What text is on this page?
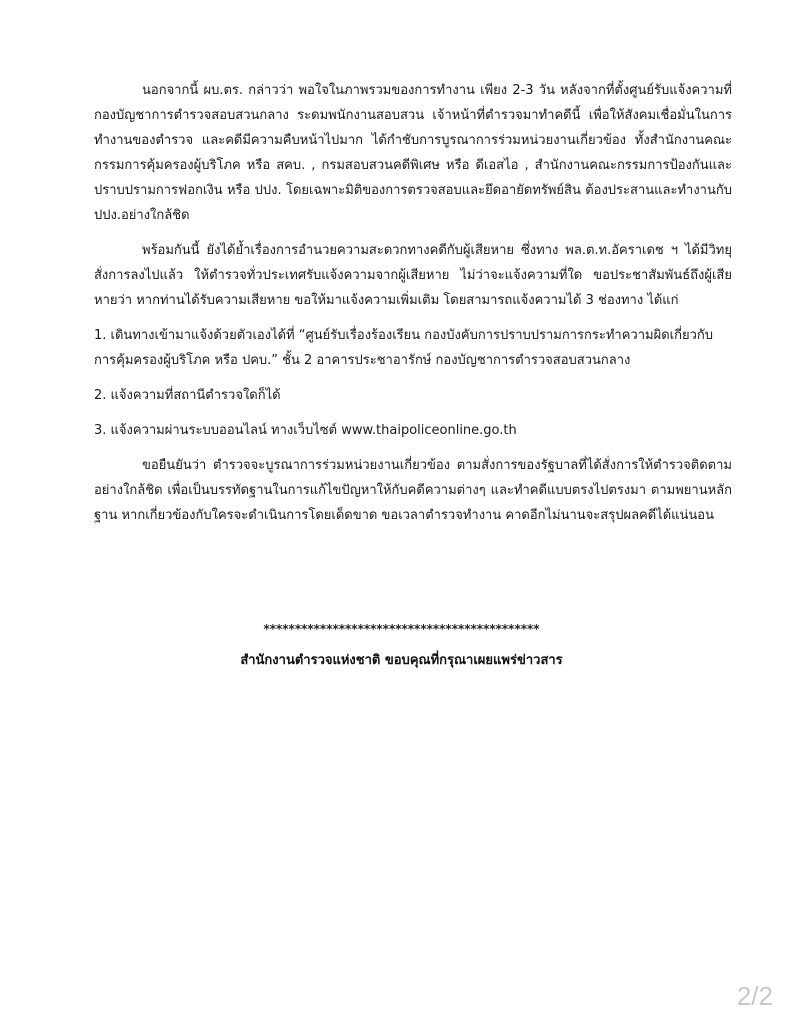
นอกจากนี้ ผบ.ตร. กล่าวว่า พอใจในภาพรวมของการทำงาน เพียง 2-3 วัน หลังจากที่ตั้งศูนย์รับแจ้งความที่กองบัญชาการตำรวจสอบสวนกลาง ระดมพนักงานสอบสวน เจ้าหน้าที่ตำรวจมาทำคดีนี้ เพื่อให้สังคมเชื่อมั่นในการทำงานของตำรวจ และคดีมีความคืบหน้าไปมาก ได้กำชับการบูรณาการร่วมหน่วยงานเกี่ยวข้อง ทั้งสำนักงานคณะกรรมการคุ้มครองผู้บริโภค หรือ สคบ. , กรมสอบสวนคดีพิเศษ หรือ ดีเอสไอ , สำนักงานคณะกรรมการป้องกันและปราบปรามการฟอกเงิน หรือ ปปง. โดยเฉพาะมิติของการตรวจสอบและยึดอายัดทรัพย์สิน ต้องประสานและทำงานกับ ปปง.อย่างใกล้ชิด

พร้อมกันนี้ ยังได้ย้ำเรื่องการอำนวยความสะดวกทางคดีกับผู้เสียหาย ซึ่งทาง พล.ต.ท.อัคราเดช ฯ ได้มีวิทยุสั่งการลงไปแล้ว ให้ตำรวจทั่วประเทศรับแจ้งความจากผู้เสียหาย ไม่ว่าจะแจ้งความที่ใด ขอประชาสัมพันธ์ถึงผู้เสียหายว่า หากท่านได้รับความเสียหาย ขอให้มาแจ้งความเพิ่มเติม โดยสามารถแจ้งความได้ 3 ช่องทาง ได้แก่

1. เดินทางเข้ามาแจ้งด้วยตัวเองได้ที่ “ศูนย์รับเรื่องร้องเรียน กองบังคับการปราบปรามการกระทำความผิดเกี่ยวกับการคุ้มครองผู้บริโภค หรือ ปคบ.” ชั้น 2 อาคารประชาอารักษ์ กองบัญชาการตำรวจสอบสวนกลาง

2. แจ้งความที่สถานีตำรวจใดก็ได้

3. แจ้งความผ่านระบบออนไลน์ ทางเว็บไซต์ www.thaipoliceonline.go.th

ขอยืนยันว่า ตำรวจจะบูรณาการร่วมหน่วยงานเกี่ยวข้อง ตามสั่งการของรัฐบาลที่ได้สั่งการให้ตำรวจติดตามอย่างใกล้ชิด เพื่อเป็นบรรทัดฐานในการแก้ไขปัญหาให้กับคดีความต่างๆ และทำคดีแบบตรงไปตรงมา ตามพยานหลักฐาน หากเกี่ยวข้องกับใครจะดำเนินการโดยเด็ดขาด ขอเวลาตำรวจทำงาน คาดอีกไม่นานจะสรุปผลคดีได้แน่นอน

********************************************
สำนักงานตำรวจแห่งชาติ ขอบคุณที่กรุณาเผยแพร่ข่าวสาร
2/2
